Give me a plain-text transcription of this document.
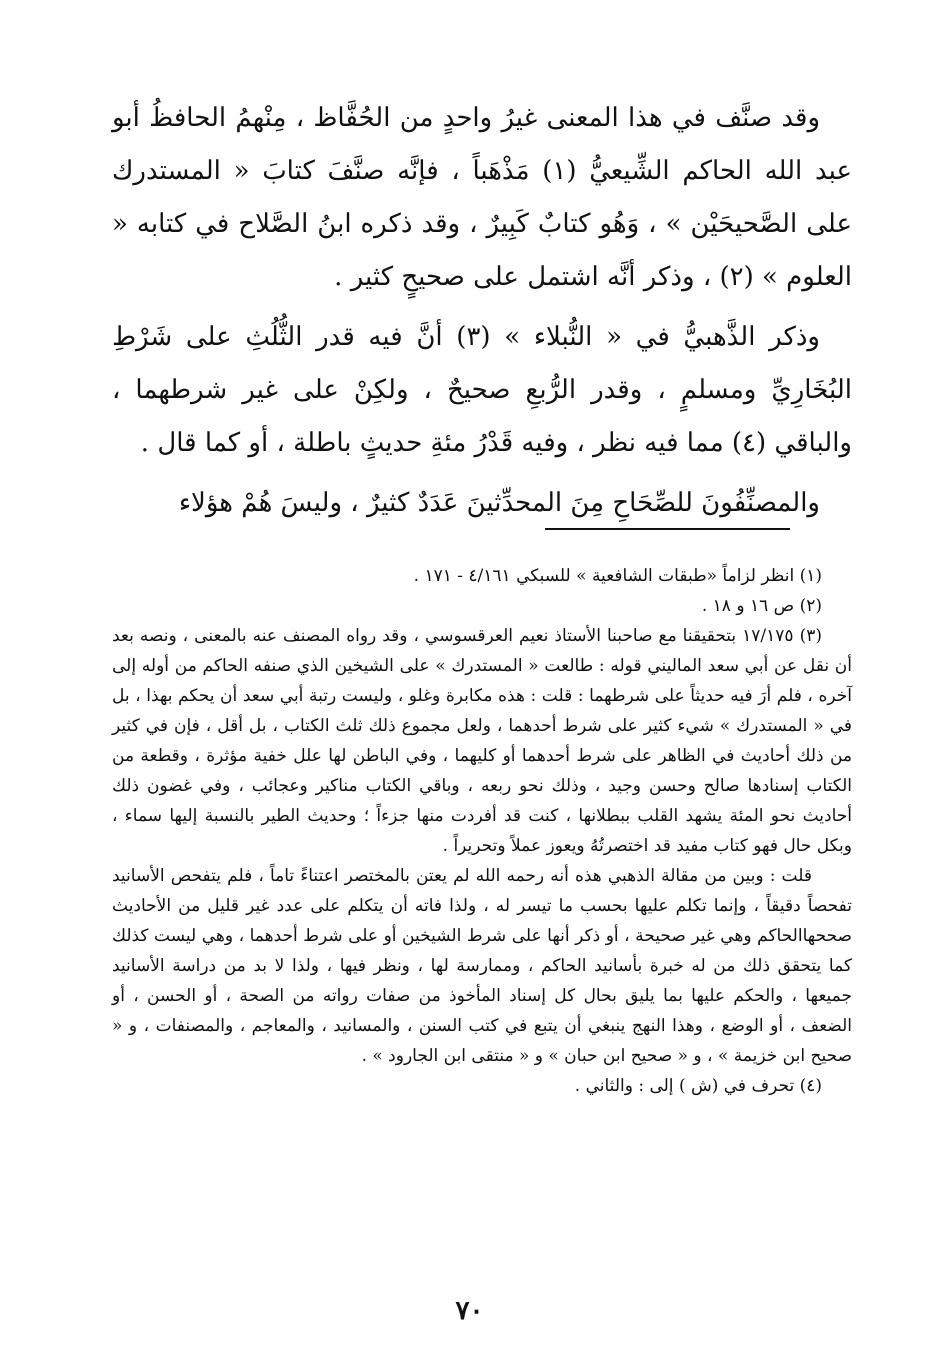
وقد صنَّف في هذا المعنى غيرُ واحدٍ من الحُفَّاظ ، مِنْهمُ الحافظُ أبو عبد الله الحاكم الشِّيعيُّ (١) مَذْهَباً ، فإنَّه صنَّفَ كتابَ « المستدرك على الصَّحيحَيْن » ، وَهُو كتابٌ كَبِيرٌ ، وقد ذكره ابنُ الصَّلاح في كتابه « العلوم » (٢) ، وذكر أنَّه اشتمل على صحيحٍ كثير .

وذكر الذَّهبيُّ في « النُّبلاء » (٣) أنَّ فيه قدر الثُّلُثِ على شَرْطِ البُخَارِيِّ ومسلمٍ ، وقدر الرُّبعِ صحيحٌ ، ولكِنْ على غير شرطهما ، والباقي (٤) مما فيه نظر ، وفيه قَدْرُ مئةِ حديثٍ باطلة ، أو كما قال .

والمصنِّفُونَ للصِّحَاحِ مِنَ المحدِّثينَ عَدَدٌ كثيرٌ ، وليسَ هُمْ هؤلاء

(١) انظر لزاماً «طبقات الشافعية » للسبكي ٤/١٦١ - ١٧١ .

(٢) ص ١٦ و ١٨ .

(٣) ١٧/١٧٥ بتحقيقنا مع صاحبنا الأستاذ نعيم العرقسوسي ، وقد رواه المصنف عنه بالمعنى ، ونصه بعد أن نقل عن أبي سعد الماليني قوله : طالعت « المستدرك » على الشيخين الذي صنفه الحاكم من أوله إلى آخره ، فلم أرَ فيه حديثاً على شرطهما : قلت : هذه مكابرة وغلو ، وليست رتبة أبي سعد أن يحكم بهذا ، بل في « المستدرك » شيء كثير على شرط أحدهما ، ولعل مجموع ذلك ثلث الكتاب ، بل أقل ، فإن في كثير من ذلك أحاديث في الظاهر على شرط أحدهما أو كليهما ، وفي الباطن لها علل خفية مؤثرة ، وقطعة من الكتاب إسنادها صالح وحسن وجيد ، وذلك نحو ربعه ، وباقي الكتاب مناكير وعجائب ، وفي غضون ذلك أحاديث نحو المئة يشهد القلب ببطلانها ، كنت قد أفردت منها جزءاً ؛ وحديث الطير بالنسبة إليها سماء ، وبكل حال فهو كتاب مفيد قد اختصرتُهُ ويعوز عملاً وتحريراً .

قلت : وبين من مقالة الذهبي هذه أنه رحمه الله لم يعتن بالمختصر اعتناءً تاماً ، فلم يتفحص الأسانيد تفحصاً دقيقاً ، وإنما تكلم عليها بحسب ما تيسر له ، ولذا فاته أن يتكلم على عدد غير قليل من الأحاديث صححهاالحاكم وهي غير صحيحة ، أو ذكر أنها على شرط الشيخين أو على شرط أحدهما ، وهي ليست كذلك كما يتحقق ذلك من له خبرة بأسانيد الحاكم ، وممارسة لها ، ونظر فيها ، ولذا لا بد من دراسة الأسانيد جميعها ، والحكم عليها بما يليق بحال كل إسناد المأخوذ من صفات رواته من الصحة ، أو الحسن ، أو الضعف ، أو الوضع ، وهذا النهج ينبغي أن يتبع في كتب السنن ، والمسانيد ، والمعاجم ، والمصنفات ، و « صحيح ابن خزيمة » ، و « صحيح ابن حبان » و « منتقى ابن الجارود » .

(٤) تحرف في (ش ) إلى : والثاني .

٧٠
